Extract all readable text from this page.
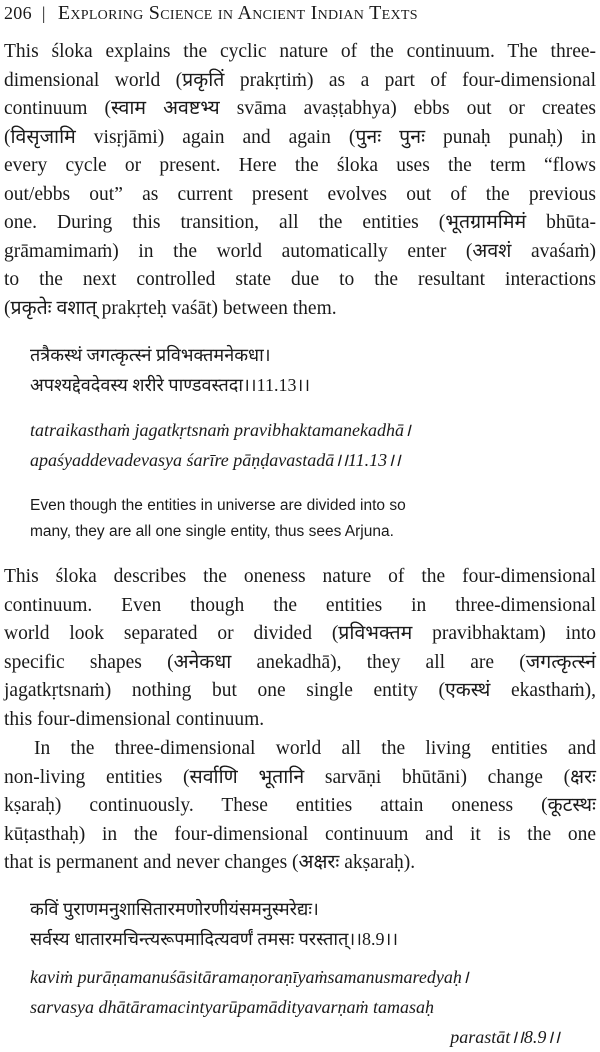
206 | Exploring Science in Ancient Indian Texts
This śloka explains the cyclic nature of the continuum. The three-
dimensional world (प्रकृतिं prakṛtiṁ) as a part of four-dimensional
continuum (स्वाम अवष्टभ्य svāma avaṣṭabhya) ebbs out or creates
(विसृजामि visṛjāmi) again and again (पुनः पुनः punaḥ punaḥ) in
every cycle or present. Here the śloka uses the term “flows
out/ebbs out” as current present evolves out of the previous
one. During this transition, all the entities (भूतग्राममिमं bhūta-
grāmamimaṁ) in the world automatically enter (अवशं avaśaṁ)
to the next controlled state due to the resultant interactions
(प्रकृतेः वशात् prakṛteḥ vaśāt) between them.
तत्रैकस्थं जगत्कृत्स्नं प्रविभक्तमनेकधा।
अपश्यद्देवदेवस्य शरीरे पाण्डवस्तदा।।11.13।।
tatraikasthaṁ jagatkṛtsnaṁ pravibhaktamanekadhā।
apaśyaddevadevasya śarīre pāṇḍavastadā।।11.13।।
Even though the entities in universe are divided into so
many, they are all one single entity, thus sees Arjuna.
This śloka describes the oneness nature of the four-dimensional
continuum. Even though the entities in three-dimensional
world look separated or divided (प्रविभक्तम pravibhaktam) into
specific shapes (अनेकधा anekadhā), they all are (जगत्कृत्स्नं
jagatkṛtsnaṁ) nothing but one single entity (एकस्थं ekasthaṁ),
this four-dimensional continuum.
In the three-dimensional world all the living entities and
non-living entities (सर्वाणि भूतानि sarvāṇi bhūtāni) change (क्षरः
kṣaraḥ) continuously. These entities attain oneness (कूटस्थः
kūṭasthaḥ) in the four-dimensional continuum and it is the one
that is permanent and never changes (अक्षरः akṣaraḥ).
कविं पुराणमनुशासितारमणोरणीयंसमनुस्मरेद्यः।
सर्वस्य धातारमचिन्त्यरूपमादित्यवर्णं तमसः परस्तात्।।8.9।।
kaviṁ purāṇamanuśāsitāramaṇoraṇīyaṁsamanusmaredyaḥ।
sarvasya dhātāramacintyarūpamādityavarṇaṁ tamasaḥ
parastāt।।8.9।।
